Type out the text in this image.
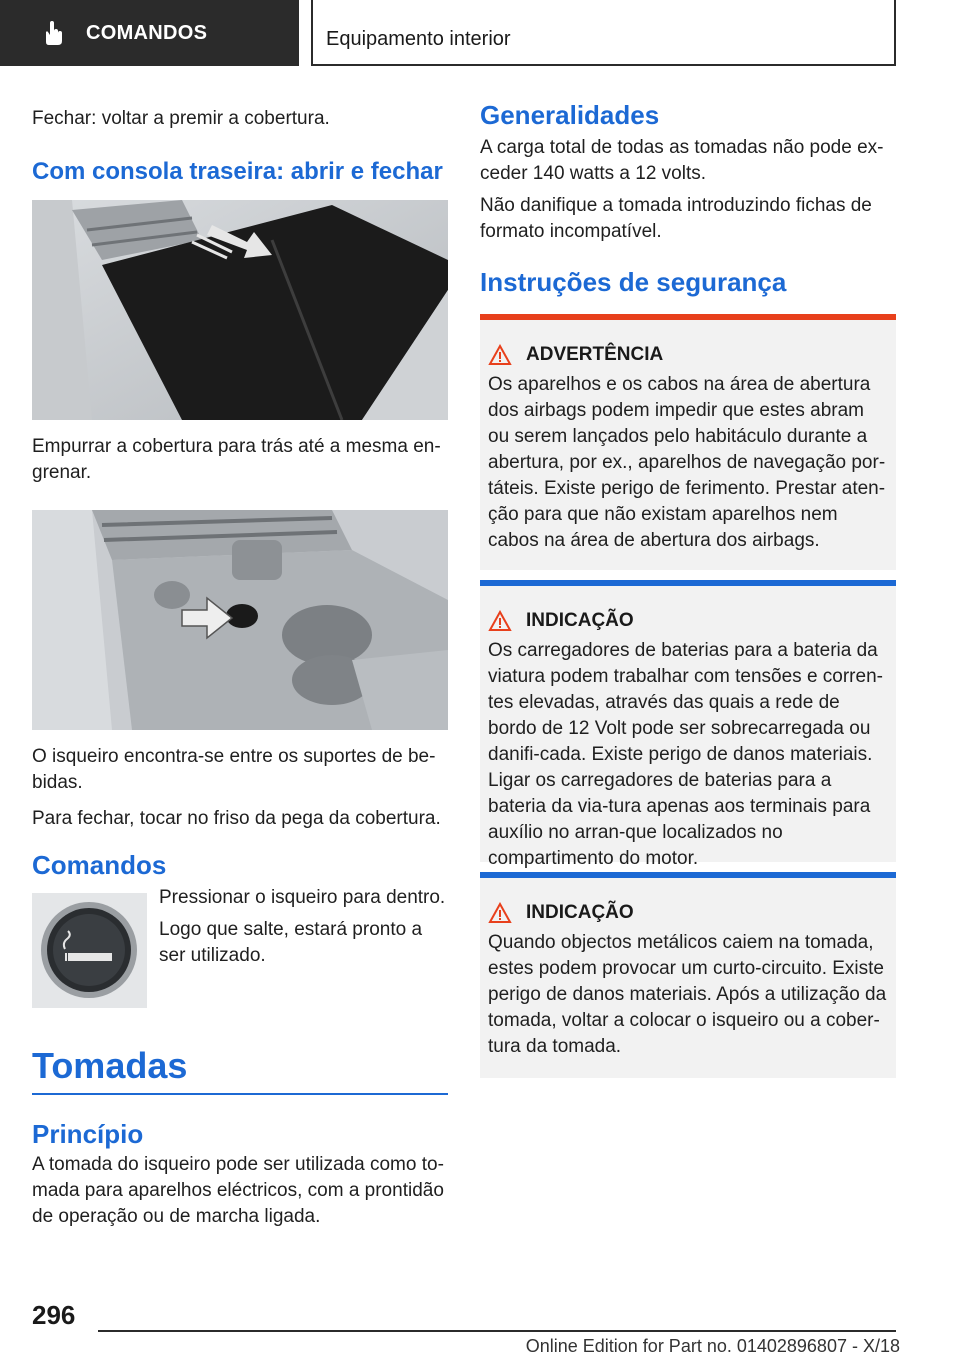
COMANDOS	Equipamento interior

Fechar: voltar a premir a cobertura.

Com consola traseira: abrir e fechar

Empurrar a cobertura para trás até a mesma en-grenar.

O isqueiro encontra-se entre os suportes de be-bidas.

Para fechar, tocar no friso da pega da cobertura.

Comandos

Pressionar o isqueiro para dentro.

Logo que salte, estará pronto a ser utilizado.

Tomadas
Princípio

A tomada do isqueiro pode ser utilizada como to-mada para aparelhos eléctricos, com a prontidão de operação ou de marcha ligada.

Generalidades

A carga total de todas as tomadas não pode ex-ceder 140 watts a 12 volts.

Não danifique a tomada introduzindo fichas de formato incompatível.

Instruções de segurança
ADVERTÊNCIA

Os aparelhos e os cabos na área de abertura dos airbags podem impedir que estes abram ou serem lançados pelo habitáculo durante a abertura, por ex., aparelhos de navegação por-táteis. Existe perigo de ferimento. Prestar aten-ção para que não existam aparelhos nem cabos na área de abertura dos airbags.

INDICAÇÃO

Os carregadores de baterias para a bateria da viatura podem trabalhar com tensões e corren-tes elevadas, através das quais a rede de bordo de 12 Volt pode ser sobrecarregada ou danifi-cada. Existe perigo de danos materiais. Ligar os carregadores de baterias para a bateria da via-tura apenas aos terminais para auxílio no arran-que localizados no compartimento do motor.

INDICAÇÃO

Quando objectos metálicos caiem na tomada, estes podem provocar um curto-circuito. Existe perigo de danos materiais. Após a utilização da tomada, voltar a colocar o isqueiro ou a cober-tura da tomada.

296
Online Edition for Part no. 01402896807 - X/18
